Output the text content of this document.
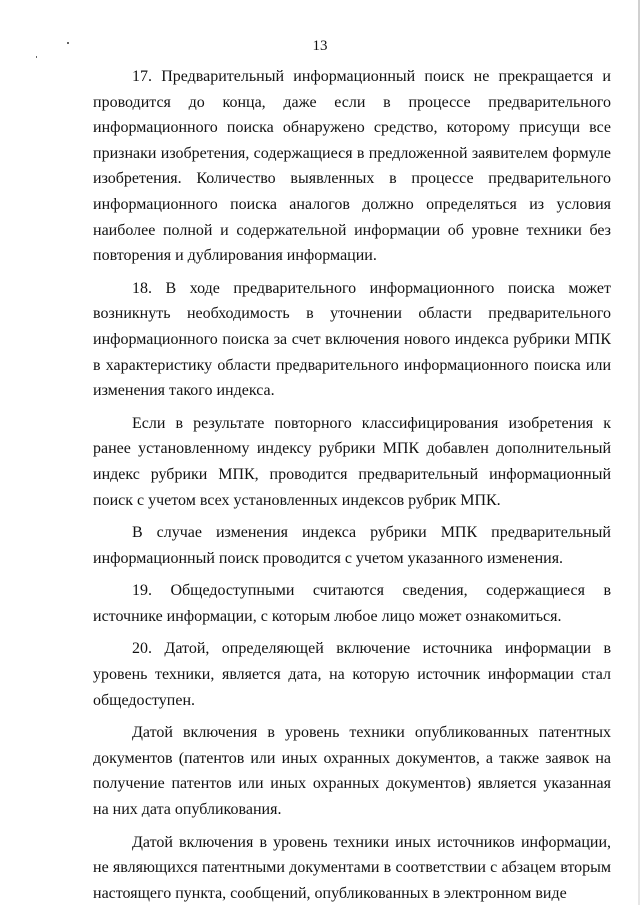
13

17. Предварительный информационный поиск не прекращается и проводится до конца, даже если в процессе предварительного информационного поиска обнаружено средство, которому присущи все признаки изобретения, содержащиеся в предложенной заявителем формуле изобретения. Количество выявленных в процессе предварительного информационного поиска аналогов должно определяться из условия наиболее полной и содержательной информации об уровне техники без повторения и дублирования информации.

18. В ходе предварительного информационного поиска может возникнуть необходимость в уточнении области предварительного информационного поиска за счет включения нового индекса рубрики МПК в характеристику области предварительного информационного поиска или изменения такого индекса.

Если в результате повторного классифицирования изобретения к ранее установленному индексу рубрики МПК добавлен дополнительный индекс рубрики МПК, проводится предварительный информационный поиск с учетом всех установленных индексов рубрик МПК.

В случае изменения индекса рубрики МПК предварительный информационный поиск проводится с учетом указанного изменения.

19. Общедоступными считаются сведения, содержащиеся в источнике информации, с которым любое лицо может ознакомиться.

20. Датой, определяющей включение источника информации в уровень техники, является дата, на которую источник информации стал общедоступен.

Датой включения в уровень техники опубликованных патентных документов (патентов или иных охранных документов, а также заявок на получение патентов или иных охранных документов) является указанная на них дата опубликования.

Датой включения в уровень техники иных источников информации, не являющихся патентными документами в соответствии с абзацем вторым настоящего пункта, сообщений, опубликованных в электронном виде
